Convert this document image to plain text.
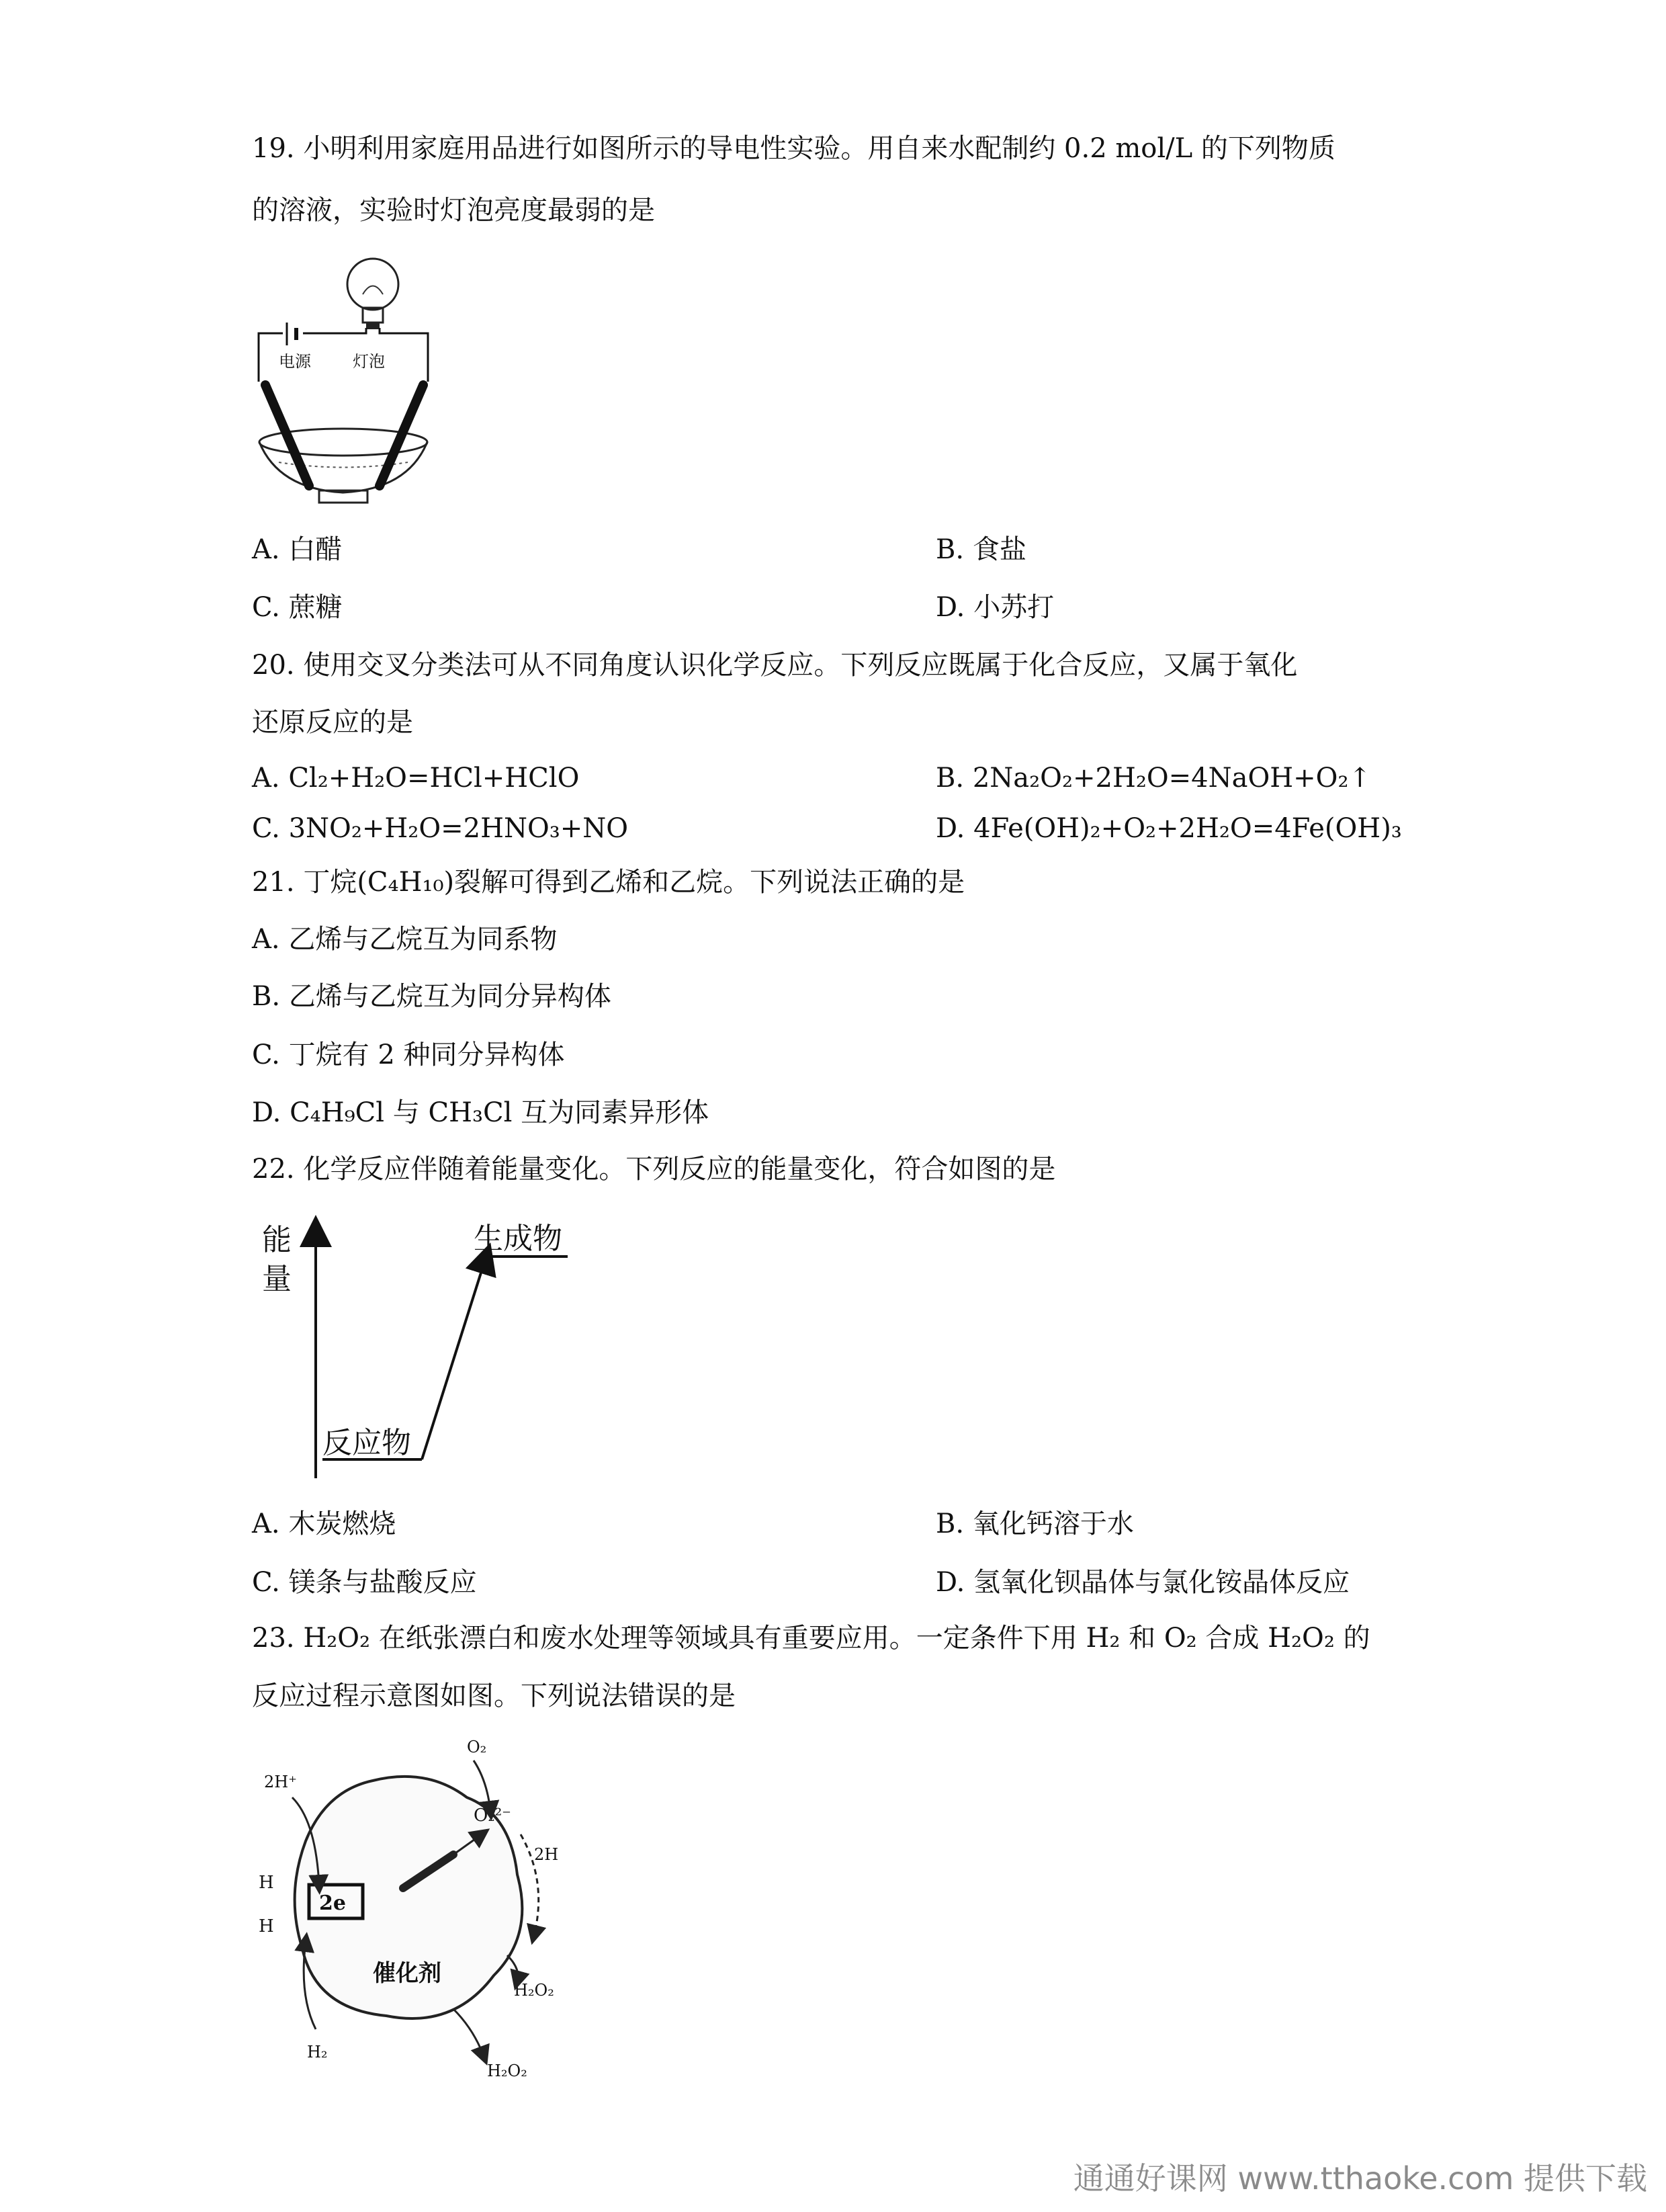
19. 小明利用家庭用品进行如图所示的导电性实验。用自来水配制约 0.2 mol/L 的下列物质
的溶液，实验时灯泡亮度最弱的是
电源	灯泡
A. 白醋	B. 食盐
C. 蔗糖	D. 小苏打
20. 使用交叉分类法可从不同角度认识化学反应。下列反应既属于化合反应，又属于氧化
还原反应的是
A. Cl₂+H₂O=HCl+HClO	B. 2Na₂O₂+2H₂O=4NaOH+O₂↑
C. 3NO₂+H₂O=2HNO₃+NO	D. 4Fe(OH)₂+O₂+2H₂O=4Fe(OH)₃
21. 丁烷(C₄H₁₀)裂解可得到乙烯和乙烷。下列说法正确的是
A. 乙烯与乙烷互为同系物
B. 乙烯与乙烷互为同分异构体
C. 丁烷有 2 种同分异构体
D. C₄H₉Cl 与 CH₃Cl 互为同素异形体
22. 化学反应伴随着能量变化。下列反应的能量变化，符合如图的是
能
量
生成物
反应物
A. 木炭燃烧	B. 氧化钙溶于水
C. 镁条与盐酸反应	D. 氢氧化钡晶体与氯化铵晶体反应
23. H₂O₂ 在纸张漂白和废水处理等领域具有重要应用。一定条件下用 H₂ 和 O₂ 合成 H₂O₂ 的
反应过程示意图如图。下列说法错误的是
O₂
2H⁺
O₂²⁻
2H
H
H
2e
催化剂
H₂O₂
H₂
H₂O₂
通通好课网 www.tthaoke.com 提供下载
